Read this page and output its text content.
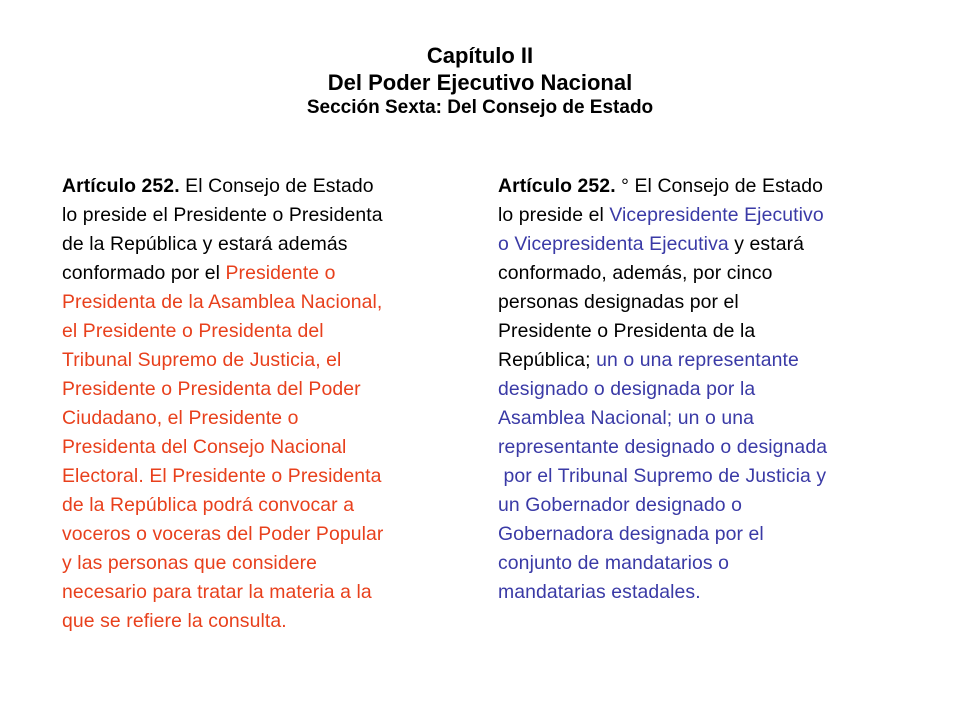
Capítulo II
Del Poder Ejecutivo Nacional
Sección Sexta: Del Consejo de Estado
Artículo 252. El Consejo de Estado
lo preside el Presidente o Presidenta
de la República y estará además
conformado por el Presidente o
Presidenta de la Asamblea Nacional,
el Presidente o Presidenta del
Tribunal Supremo de Justicia, el
Presidente o Presidenta del Poder
Ciudadano, el Presidente o
Presidenta del Consejo Nacional
Electoral. El Presidente o Presidenta
de la República podrá convocar a
voceros o voceras del Poder Popular
y las personas que considere
necesario para tratar la materia a la
que se refiere la consulta.
Artículo 252. ° El Consejo de Estado
lo preside el Vicepresidente Ejecutivo
o Vicepresidenta Ejecutiva y estará
conformado, además, por cinco
personas designadas por el
Presidente o Presidenta de la
República; un o una representante
designado o designada por la
Asamblea Nacional; un o una
representante designado o designada
por el Tribunal Supremo de Justicia y
un Gobernador designado o
Gobernadora designada por el
conjunto de mandatarios o
mandatarias estadales.
